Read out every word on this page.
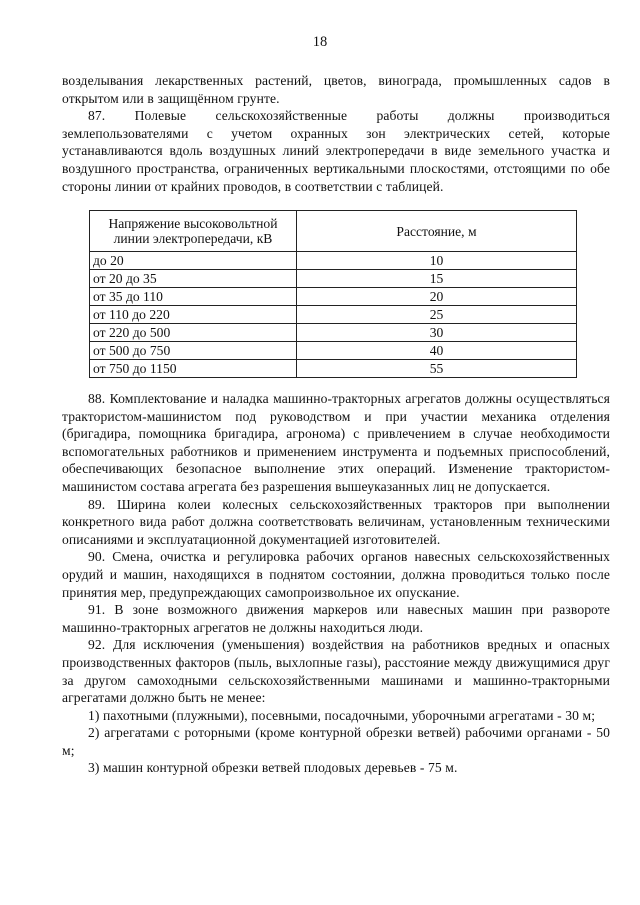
18

возделывания лекарственных растений, цветов, винограда, промышленных садов в открытом или в защищённом грунте.

87. Полевые сельскохозяйственные работы должны производиться землепользователями с учетом охранных зон электрических сетей, которые устанавливаются вдоль воздушных линий электропередачи в виде земельного участка и воздушного пространства, ограниченных вертикальными плоскостями, отстоящими по обе стороны линии от крайних проводов, в соответствии с таблицей.

Напряжение высоковольтной линии электропередачи, кВ	Расстояние, м
до 20	10
от 20 до 35	15
от 35 до 110	20
от 110 до 220	25
от 220 до 500	30
от 500 до 750	40
от 750 до 1150	55

88. Комплектование и наладка машинно-тракторных агрегатов должны осуществляться трактористом-машинистом под руководством и при участии механика отделения (бригадира, помощника бригадира, агронома) с привлечением в случае необходимости вспомогательных работников и применением инструмента и подъемных приспособлений, обеспечивающих безопасное выполнение этих операций. Изменение трактористом-машинистом состава агрегата без разрешения вышеуказанных лиц не допускается.

89. Ширина колеи колесных сельскохозяйственных тракторов при выполнении конкретного вида работ должна соответствовать величинам, установленным техническими описаниями и эксплуатационной документацией изготовителей.

90. Смена, очистка и регулировка рабочих органов навесных сельскохозяйственных орудий и машин, находящихся в поднятом состоянии, должна проводиться только после принятия мер, предупреждающих самопроизвольное их опускание.

91. В зоне возможного движения маркеров или навесных машин при развороте машинно-тракторных агрегатов не должны находиться люди.

92. Для исключения (уменьшения) воздействия на работников вредных и опасных производственных факторов (пыль, выхлопные газы), расстояние между движущимися друг за другом самоходными сельскохозяйственными машинами и машинно-тракторными агрегатами должно быть не менее:

1) пахотными (плужными), посевными, посадочными, уборочными агрегатами - 30 м;

2) агрегатами с роторными (кроме контурной обрезки ветвей) рабочими органами - 50 м;

3) машин контурной обрезки ветвей плодовых деревьев - 75 м.
